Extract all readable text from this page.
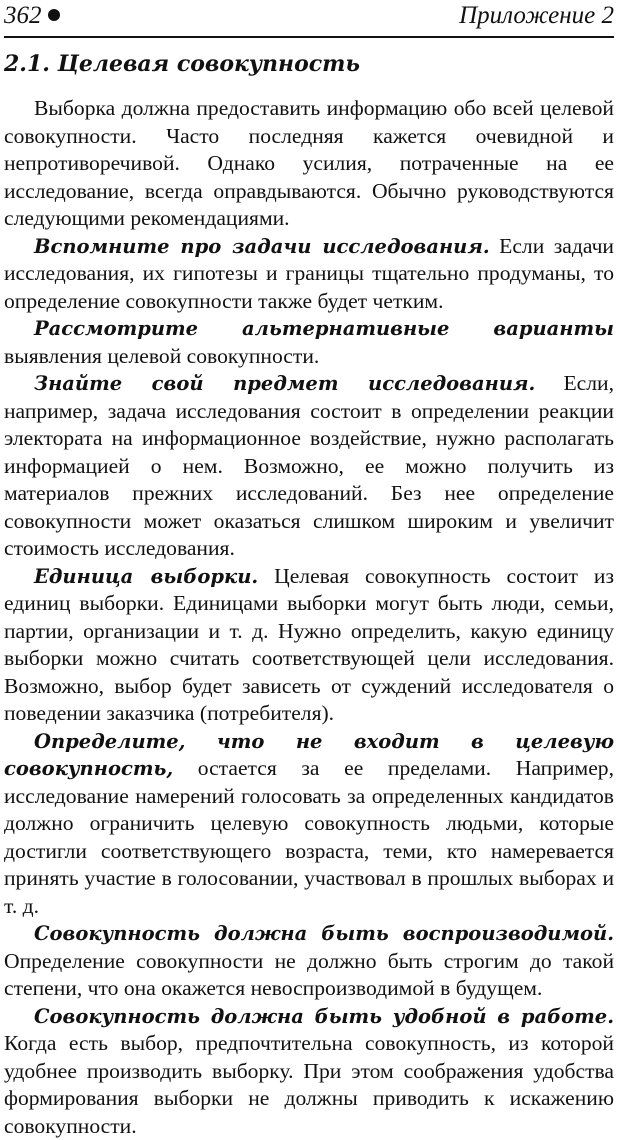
362	Приложение 2
2.1. Целевая совокупность

Выборка должна предоставить информацию обо всей целевой совокупности. Часто последняя кажется очевидной и непротиворечивой. Однако усилия, потраченные на ее исследование, всегда оправдываются. Обычно руководствуются следующими рекомендациями.

Вспомните про задачи исследования. Если задачи исследования, их гипотезы и границы тщательно продуманы, то определение совокупности также будет четким.

Рассмотрите альтернативные варианты выявления целевой совокупности.

Знайте свой предмет исследования. Если, например, задача исследования состоит в определении реакции электората на информационное воздействие, нужно располагать информацией о нем. Возможно, ее можно получить из материалов прежних исследований. Без нее определение совокупности может оказаться слишком широким и увеличит стоимость исследования.

Единица выборки. Целевая совокупность состоит из единиц выборки. Единицами выборки могут быть люди, семьи, партии, организации и т. д. Нужно определить, какую единицу выборки можно считать соответствующей цели исследования. Возможно, выбор будет зависеть от суждений исследователя о поведении заказчика (потребителя).

Определите, что не входит в целевую совокупность, остается за ее пределами. Например, исследование намерений голосовать за определенных кандидатов должно ограничить целевую совокупность людьми, которые достигли соответствующего возраста, теми, кто намеревается принять участие в голосовании, участвовал в прошлых выборах и т. д.

Совокупность должна быть воспроизводимой. Определение совокупности не должно быть строгим до такой степени, что она окажется невоспроизводимой в будущем.

Совокупность должна быть удобной в работе. Когда есть выбор, предпочтительна совокупность, из которой удобнее производить выборку. При этом соображения удобства формирования выборки не должны приводить к искажению совокупности.
